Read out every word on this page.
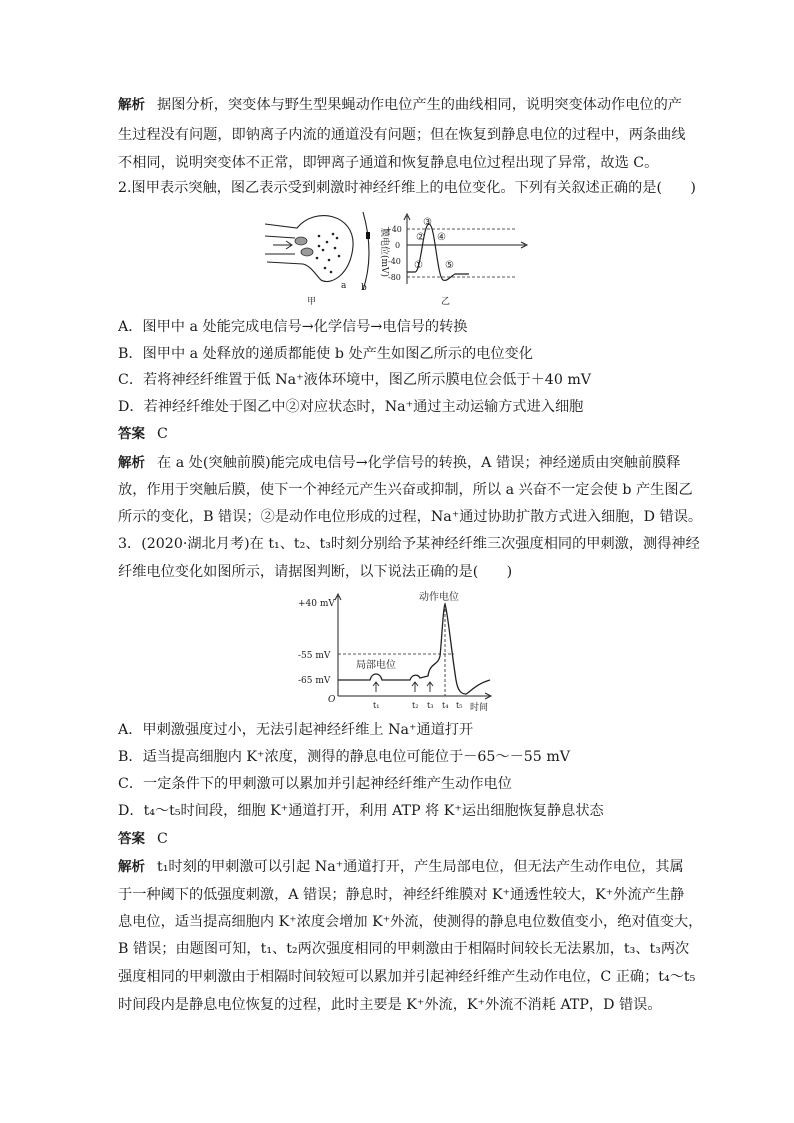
解析 据图分析，突变体与野生型果蝇动作电位产生的曲线相同，说明突变体动作电位的产
生过程没有问题，即钠离子内流的通道没有问题；但在恢复到静息电位的过程中，两条曲线
不相同，说明突变体不正常，即钾离子通道和恢复静息电位过程出现了异常，故选 C。
2.图甲表示突触，图乙表示受到刺激时神经纤维上的电位变化。下列有关叙述正确的是(　　)
a b
甲
膜电位(mV)
+40
0
-40
-80
①
②
③
④
⑤
乙
A．图甲中 a 处能完成电信号→化学信号→电信号的转换
B．图甲中 a 处释放的递质都能使 b 处产生如图乙所示的电位变化
C．若将神经纤维置于低 Na⁺液体环境中，图乙所示膜电位会低于＋40 mV
D．若神经纤维处于图乙中②对应状态时，Na⁺通过主动运输方式进入细胞
答案 C
解析 在 a 处(突触前膜)能完成电信号→化学信号的转换，A 错误；神经递质由突触前膜释
放，作用于突触后膜，使下一个神经元产生兴奋或抑制，所以 a 兴奋不一定会使 b 产生图乙
所示的变化，B 错误；②是动作电位形成的过程，Na⁺通过协助扩散方式进入细胞，D 错误。
3．(2020·湖北月考)在 t₁、t₂、t₃时刻分别给予某神经纤维三次强度相同的甲刺激，测得神经
纤维电位变化如图所示，请据图判断，以下说法正确的是(　　)
+40 mV
-55 mV
-65 mV
O
t₁	t₂ t₃ t₄ t₅ 时间
动作电位
局部电位
A．甲刺激强度过小，无法引起神经纤维上 Na⁺通道打开
B．适当提高细胞内 K⁺浓度，测得的静息电位可能位于－65～－55 mV
C．一定条件下的甲刺激可以累加并引起神经纤维产生动作电位
D．t₄～t₅时间段，细胞 K⁺通道打开，利用 ATP 将 K⁺运出细胞恢复静息状态
答案 C
解析 t₁时刻的甲刺激可以引起 Na⁺通道打开，产生局部电位，但无法产生动作电位，其属
于一种阈下的低强度刺激，A 错误；静息时，神经纤维膜对 K⁺通透性较大，K⁺外流产生静
息电位，适当提高细胞内 K⁺浓度会增加 K⁺外流，使测得的静息电位数值变小，绝对值变大，
B 错误；由题图可知，t₁、t₂两次强度相同的甲刺激由于相隔时间较长无法累加，t₃、t₃两次
强度相同的甲刺激由于相隔时间较短可以累加并引起神经纤维产生动作电位，C 正确；t₄～t₅
时间段内是静息电位恢复的过程，此时主要是 K⁺外流，K⁺外流不消耗 ATP，D 错误。
